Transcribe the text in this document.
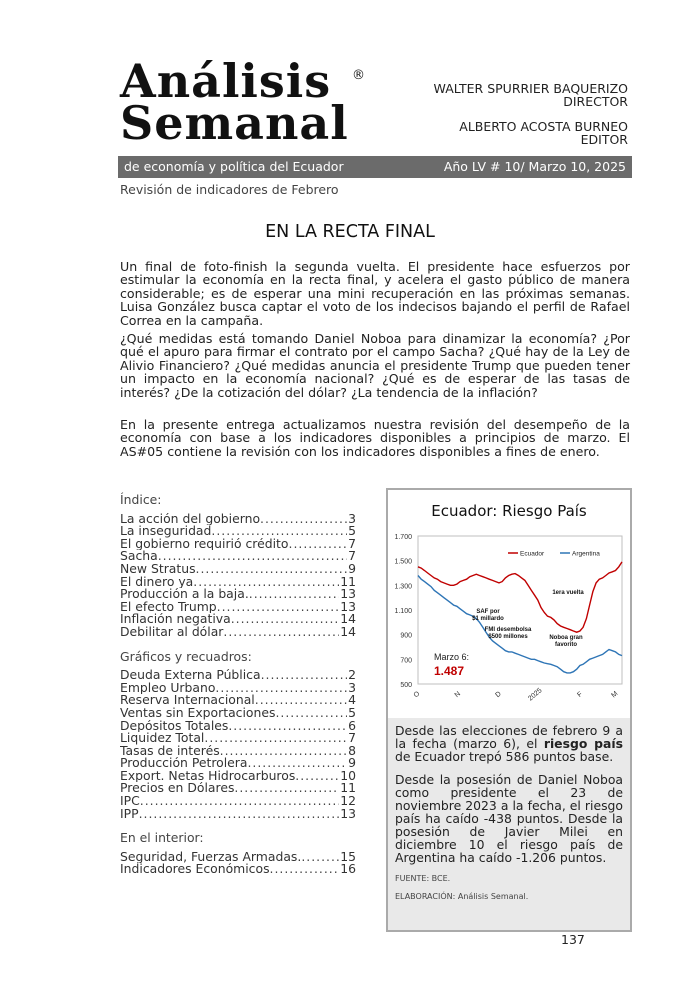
Análisis
Semanal
®
WALTER SPURRIER BAQUERIZO
DIRECTOR
ALBERTO ACOSTA BURNEO
EDITOR
de economía y política del Ecuador	Año LV # 10/ Marzo 10, 2025
Revisión de indicadores de Febrero
EN LA RECTA FINAL

Un final de foto-finish la segunda vuelta. El presidente hace esfuerzos por estimular la economía en la recta final, y acelera el gasto público de manera considerable; es de esperar una mini recuperación en las próximas semanas. Luisa González busca captar el voto de los indecisos bajando el perfil de Rafael Correa en la campaña.

¿Qué medidas está tomando Daniel Noboa para dinamizar la economía? ¿Por qué el apuro para firmar el contrato por el campo Sacha? ¿Qué hay de la Ley de Alivio Financiero? ¿Qué medidas anuncia el presidente Trump que pueden tener un impacto en la economía nacional? ¿Qué es de esperar de las tasas de interés? ¿De la cotización del dólar? ¿La tendencia de la inflación?

En la presente entrega actualizamos nuestra revisión del desempeño de la economía con base a los indicadores disponibles a principios de marzo. El AS#05 contiene la revisión con los indicadores disponibles a fines de enero.

Índice:
La acción del gobierno .....	3
La inseguridad .....	5
El gobierno requirió crédito .....	7
Sacha .....	7
New Stratus .....	9
El dinero ya .....	11
Producción a la baja. .....	13
El efecto Trump .....	13
Inflación negativa .....	14
Debilitar al dólar .....	14
Gráficos y recuadros:
Deuda Externa Pública .....	2
Empleo Urbano .....	3
Reserva Internacional .....	4
Ventas sin Exportaciones .....	5
Depósitos Totales .....	6
Liquidez Total .....	7
Tasas de interés .....	8
Producción Petrolera .....	9
Export. Netas Hidrocarburos .....	10
Precios en Dólares .....	11
IPC .....	12
IPP .....	13
En el interior:
Seguridad, Fuerzas Armadas. .....	15
Indicadores Económicos .....	16
Ecuador: Riesgo País
1.700
1.500
1.300
1.100
900
700
500
O	N	D	2025	F	M
Ecuador	Argentina
SAF por $1 millardo
FMI desembolsa $500 millones	Noboa gran favorito
1era vuelta
Marzo 6:
1.487

Desde las elecciones de febrero 9 a la fecha (marzo 6), el riesgo país de Ecuador trepó 586 puntos base.

Desde la posesión de Daniel Noboa como presidente el 23 de noviembre 2023 a la fecha, el riesgo país ha caído -438 puntos. Desde la posesión de Javier Milei en diciembre 10 el riesgo país de Argentina ha caído -1.206 puntos.

FUENTE: BCE.

ELABORACIÓN: Análisis Semanal.

137
